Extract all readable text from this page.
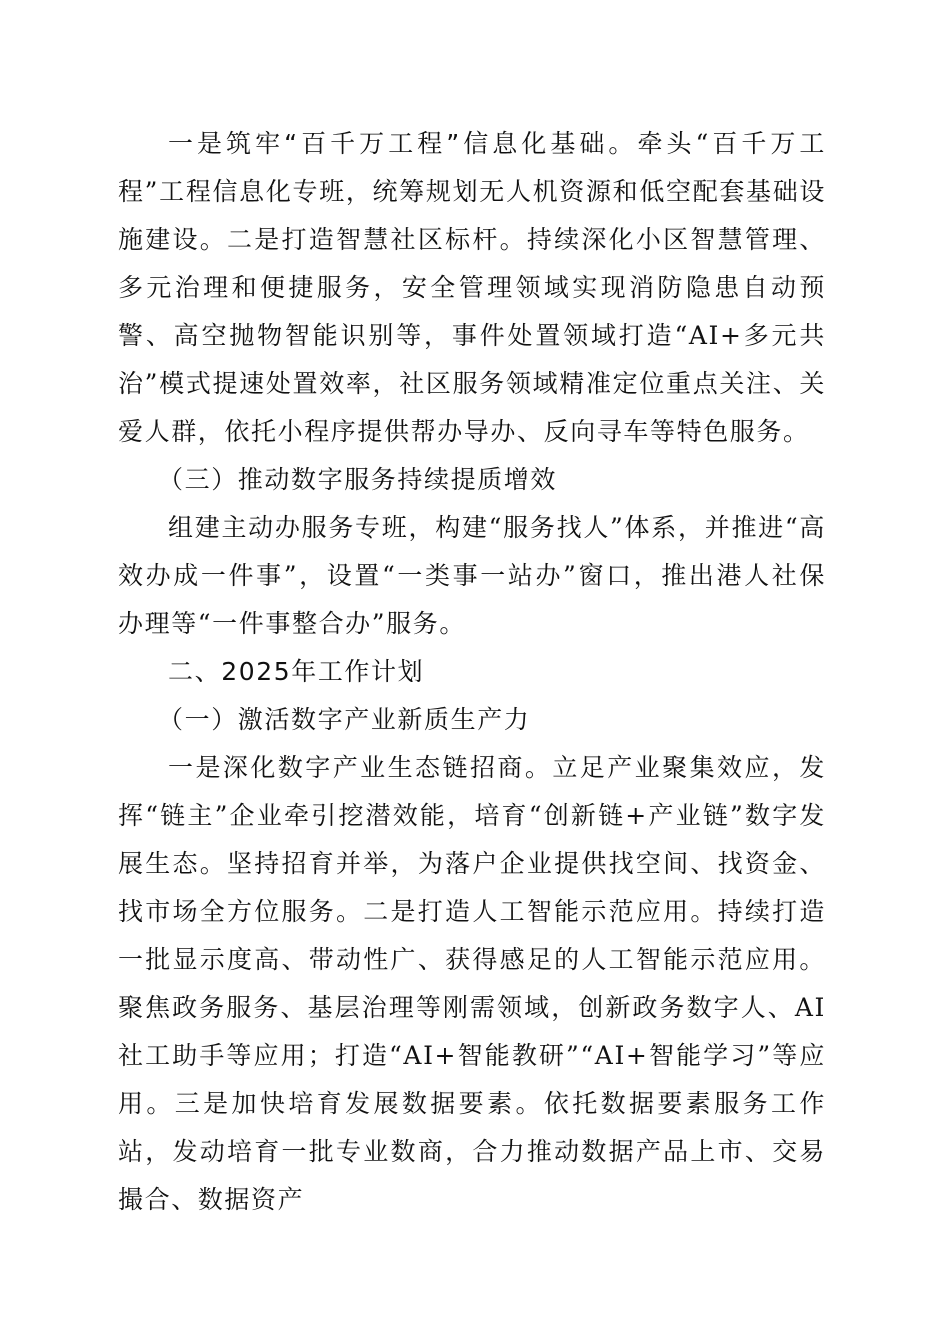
一是筑牢“百千万工程”信息化基础。牵头“百千万工程”工程信息化专班，统筹规划无人机资源和低空配套基础设施建设。二是打造智慧社区标杆。持续深化小区智慧管理、多元治理和便捷服务，安全管理领域实现消防隐患自动预警、高空抛物智能识别等，事件处置领域打造“AI+多元共治”模式提速处置效率，社区服务领域精准定位重点关注、关爱人群，依托小程序提供帮办导办、反向寻车等特色服务。

（三）推动数字服务持续提质增效

组建主动办服务专班，构建“服务找人”体系，并推进“高效办成一件事”，设置“一类事一站办”窗口，推出港人社保办理等“一件事整合办”服务。

二、2025年工作计划

（一）激活数字产业新质生产力

一是深化数字产业生态链招商。立足产业聚集效应，发挥“链主”企业牵引挖潜效能，培育“创新链+产业链”数字发展生态。坚持招育并举，为落户企业提供找空间、找资金、找市场全方位服务。二是打造人工智能示范应用。持续打造一批显示度高、带动性广、获得感足的人工智能示范应用。聚焦政务服务、基层治理等刚需领域，创新政务数字人、AI社工助手等应用；打造“AI+智能教研”“AI+智能学习”等应用。三是加快培育发展数据要素。依托数据要素服务工作站，发动培育一批专业数商，合力推动数据产品上市、交易撮合、数据资产
